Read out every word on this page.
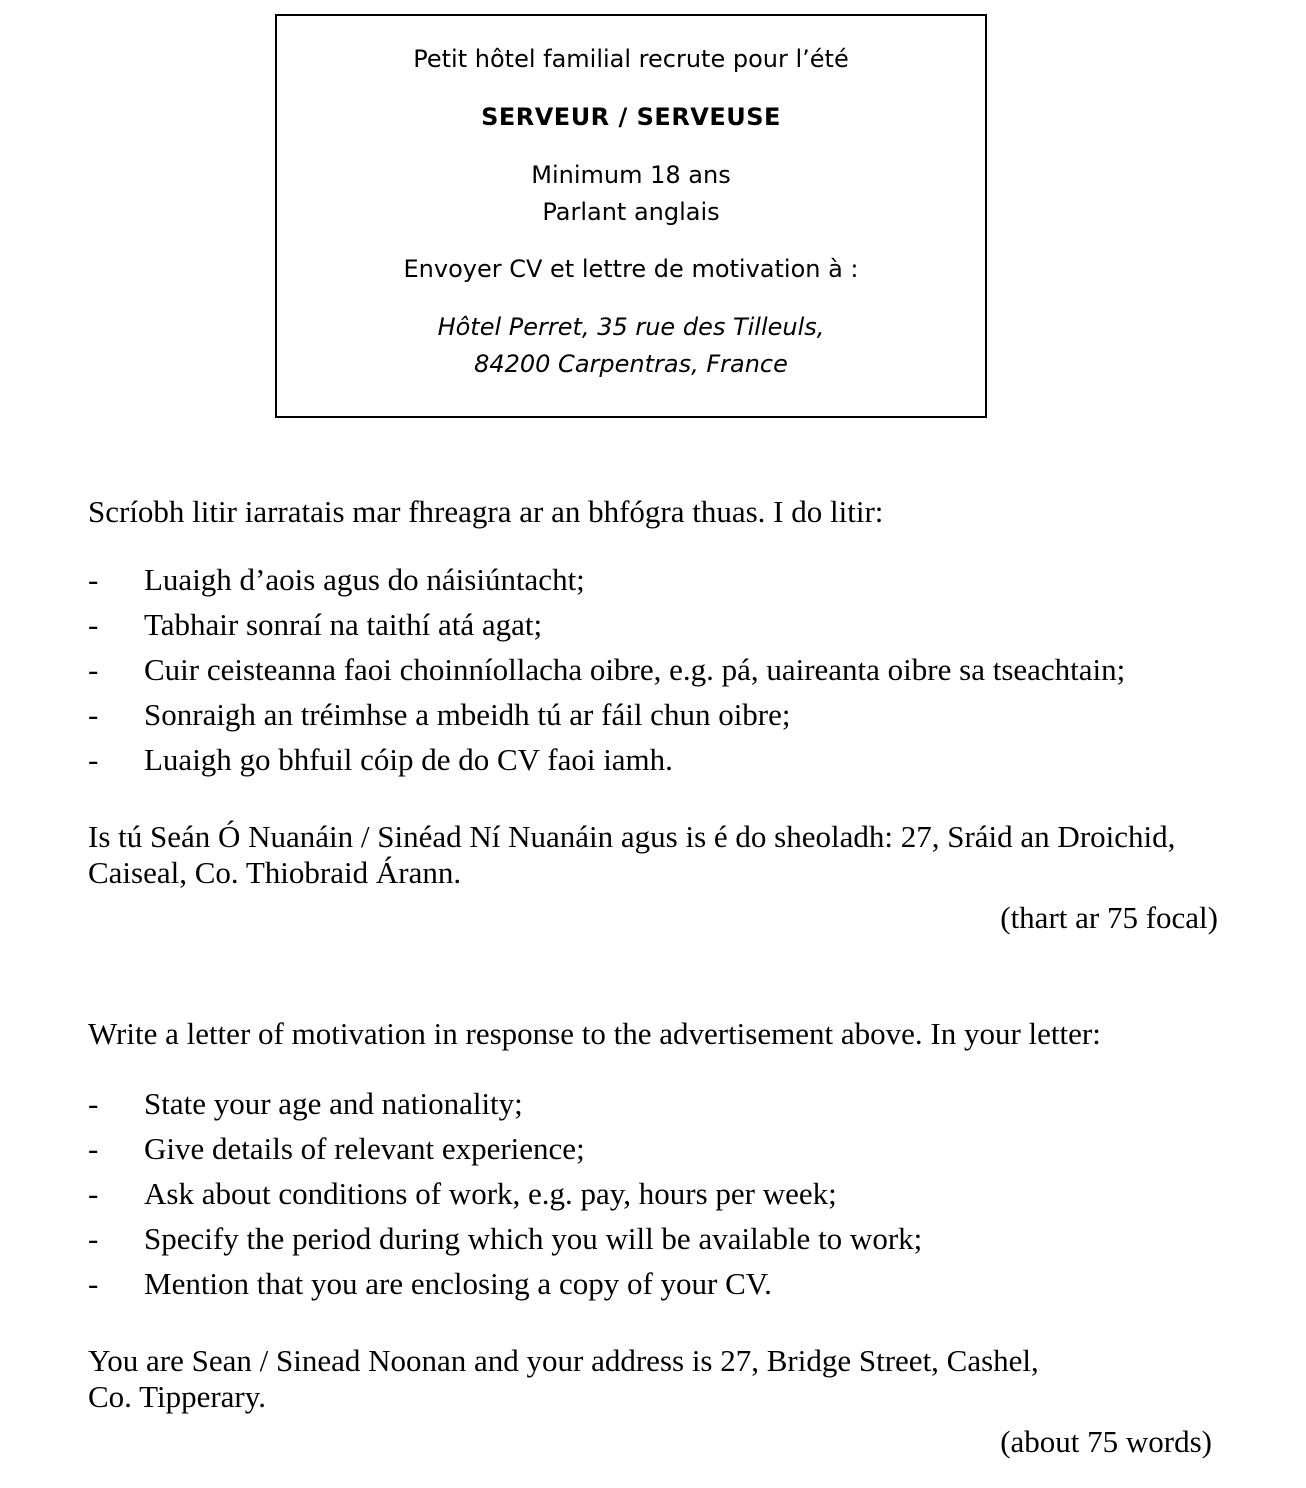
Petit hôtel familial recrute pour l’été
SERVEUR / SERVEUSE
Minimum 18 ans
Parlant anglais
Envoyer CV et lettre de motivation à :
Hôtel Perret, 35 rue des Tilleuls,
84200 Carpentras, France
Scríobh litir iarratais mar fhreagra ar an bhfógra thuas. I do litir:
- Luaigh d’aois agus do náisiúntacht;
- Tabhair sonraí na taithí atá agat;
- Cuir ceisteanna faoi choinníollacha oibre, e.g. pá, uaireanta oibre sa tseachtain;
- Sonraigh an tréimhse a mbeidh tú ar fáil chun oibre;
- Luaigh go bhfuil cóip de do CV faoi iamh.
Is tú Seán Ó Nuanáin / Sinéad Ní Nuanáin agus is é do sheoladh: 27, Sráid an Droichid,
Caiseal, Co. Thiobraid Árann.
(thart ar 75 focal)
Write a letter of motivation in response to the advertisement above. In your letter:
- State your age and nationality;
- Give details of relevant experience;
- Ask about conditions of work, e.g. pay, hours per week;
- Specify the period during which you will be available to work;
- Mention that you are enclosing a copy of your CV.
You are Sean / Sinead Noonan and your address is 27, Bridge Street, Cashel,
Co. Tipperary.
(about 75 words)
